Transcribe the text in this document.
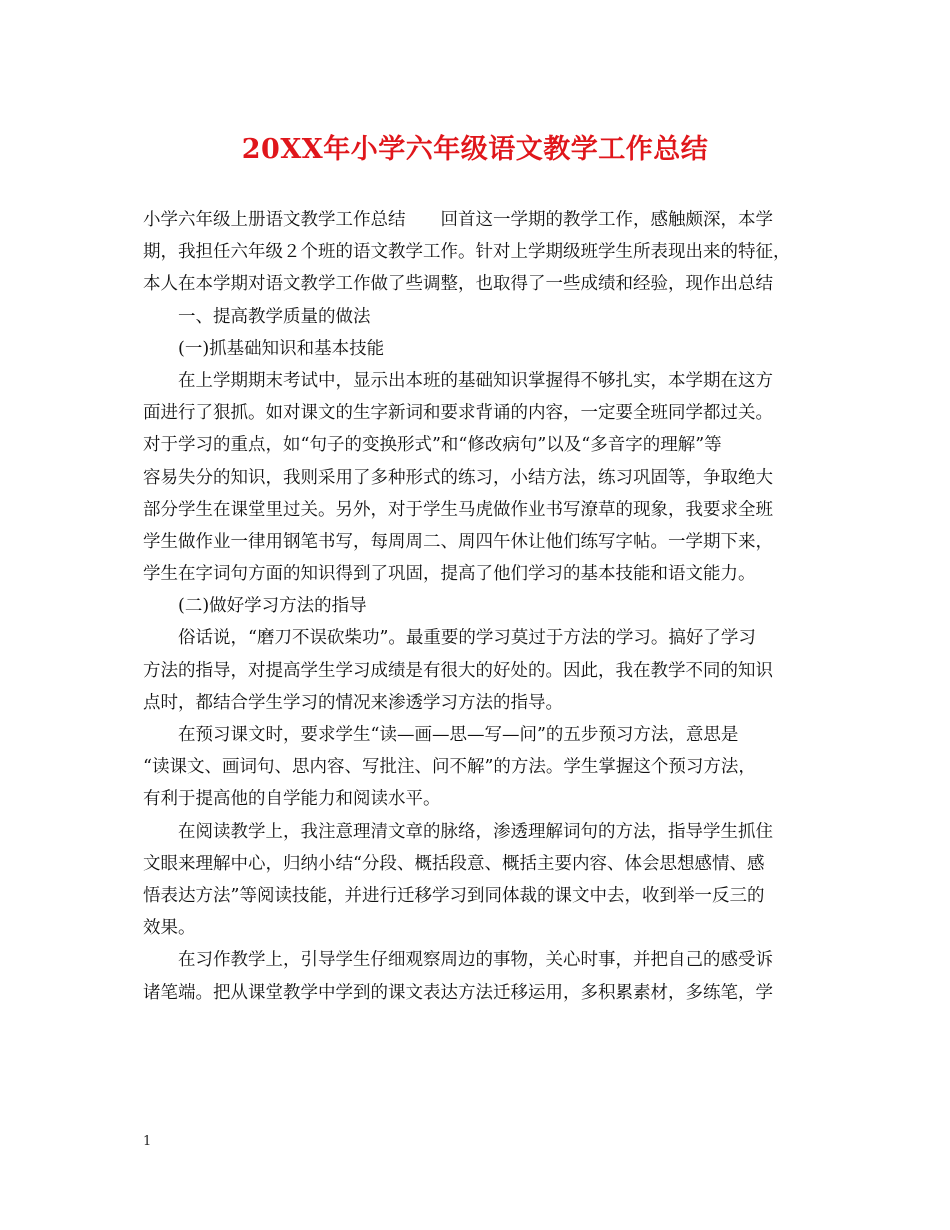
20XX年小学六年级语文教学工作总结
小学六年级上册语文教学工作总结　　回首这一学期的教学工作，感触颇深，本学
期，我担任六年级２个班的语文教学工作。针对上学期级班学生所表现出来的特征，
本人在本学期对语文教学工作做了些调整，也取得了一些成绩和经验，现作出总结
一、提高教学质量的做法
(一)抓基础知识和基本技能
在上学期期末考试中，显示出本班的基础知识掌握得不够扎实，本学期在这方
面进行了狠抓。如对课文的生字新词和要求背诵的内容，一定要全班同学都过关。
对于学习的重点，如“句子的变换形式”和“修改病句”以及“多音字的理解”等
容易失分的知识，我则采用了多种形式的练习，小结方法，练习巩固等，争取绝大
部分学生在课堂里过关。另外，对于学生马虎做作业书写潦草的现象，我要求全班
学生做作业一律用钢笔书写，每周周二、周四午休让他们练写字帖。一学期下来，
学生在字词句方面的知识得到了巩固，提高了他们学习的基本技能和语文能力。
(二)做好学习方法的指导
俗话说，“磨刀不误砍柴功”。最重要的学习莫过于方法的学习。搞好了学习
方法的指导，对提高学生学习成绩是有很大的好处的。因此，我在教学不同的知识
点时，都结合学生学习的情况来渗透学习方法的指导。
在预习课文时，要求学生“读—画—思—写—问”的五步预习方法，意思是
“读课文、画词句、思内容、写批注、问不解”的方法。学生掌握这个预习方法，
有利于提高他的自学能力和阅读水平。
在阅读教学上，我注意理清文章的脉络，渗透理解词句的方法，指导学生抓住
文眼来理解中心，归纳小结“分段、概括段意、概括主要内容、体会思想感情、感
悟表达方法”等阅读技能，并进行迁移学习到同体裁的课文中去，收到举一反三的
效果。
在习作教学上，引导学生仔细观察周边的事物，关心时事，并把自己的感受诉
诸笔端。把从课堂教学中学到的课文表达方法迁移运用，多积累素材，多练笔，学
1
